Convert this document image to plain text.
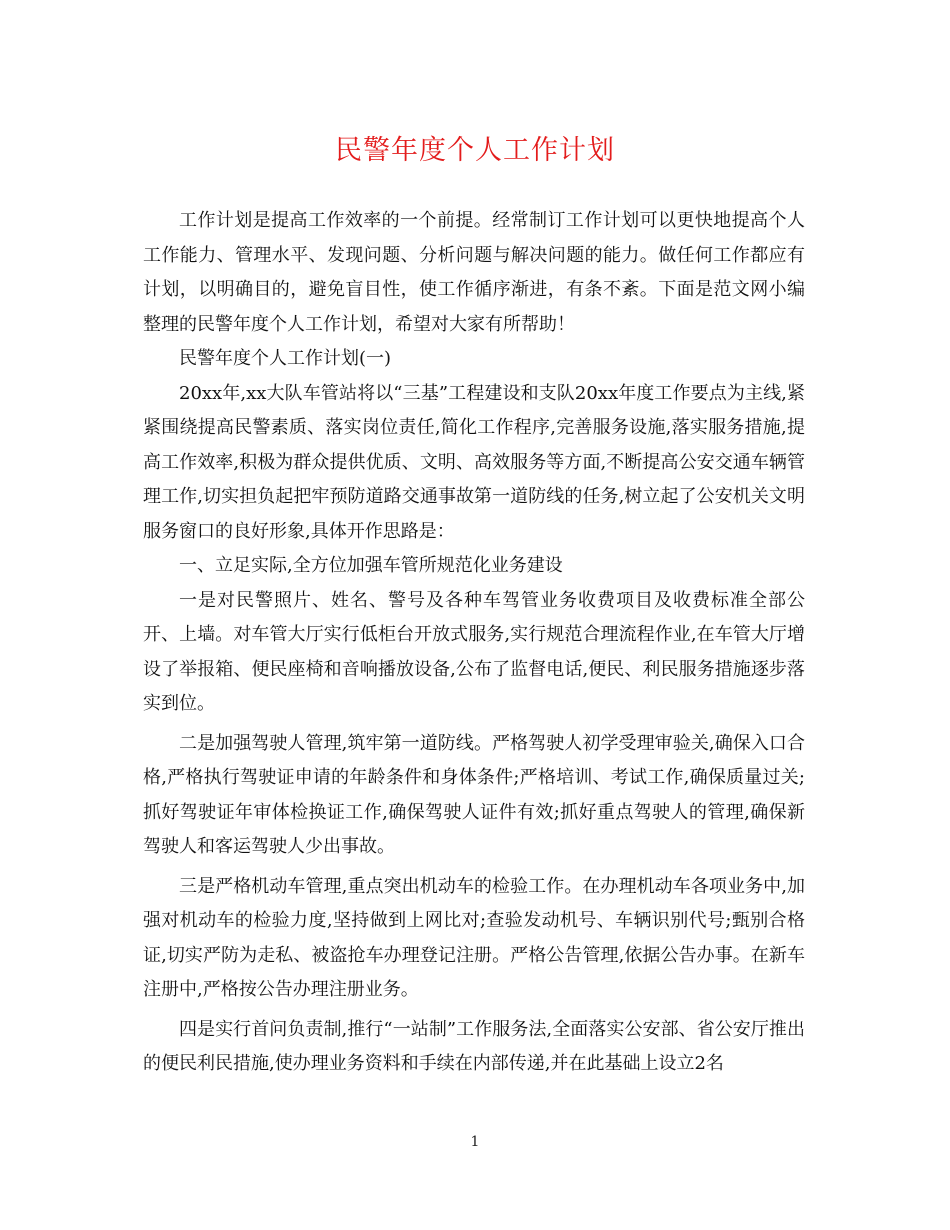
民警年度个人工作计划

工作计划是提高工作效率的一个前提。经常制订工作计划可以更快地提高个人工作能力、管理水平、发现问题、分析问题与解决问题的能力。做任何工作都应有计划，以明确目的，避免盲目性，使工作循序渐进，有条不紊。下面是范文网小编整理的民警年度个人工作计划，希望对大家有所帮助！

民警年度个人工作计划(一)

20xx年,xx大队车管站将以“三基”工程建设和支队20xx年度工作要点为主线,紧紧围绕提高民警素质、落实岗位责任,简化工作程序,完善服务设施,落实服务措施,提高工作效率,积极为群众提供优质、文明、高效服务等方面,不断提高公安交通车辆管理工作,切实担负起把牢预防道路交通事故第一道防线的任务,树立起了公安机关文明服务窗口的良好形象,具体开作思路是：

一、立足实际,全方位加强车管所规范化业务建设

一是对民警照片、姓名、警号及各种车驾管业务收费项目及收费标准全部公开、上墙。对车管大厅实行低柜台开放式服务,实行规范合理流程作业,在车管大厅增设了举报箱、便民座椅和音响播放设备,公布了监督电话,便民、利民服务措施逐步落实到位。

二是加强驾驶人管理,筑牢第一道防线。严格驾驶人初学受理审验关,确保入口合格,严格执行驾驶证申请的年龄条件和身体条件;严格培训、考试工作,确保质量过关;抓好驾驶证年审体检换证工作,确保驾驶人证件有效;抓好重点驾驶人的管理,确保新驾驶人和客运驾驶人少出事故。

三是严格机动车管理,重点突出机动车的检验工作。在办理机动车各项业务中,加强对机动车的检验力度,坚持做到上网比对;查验发动机号、车辆识别代号;甄别合格证,切实严防为走私、被盗抢车办理登记注册。严格公告管理,依据公告办事。在新车注册中,严格按公告办理注册业务。

四是实行首问负责制,推行“一站制”工作服务法,全面落实公安部、省公安厅推出的便民利民措施,使办理业务资料和手续在内部传递,并在此基础上设立2名

1
